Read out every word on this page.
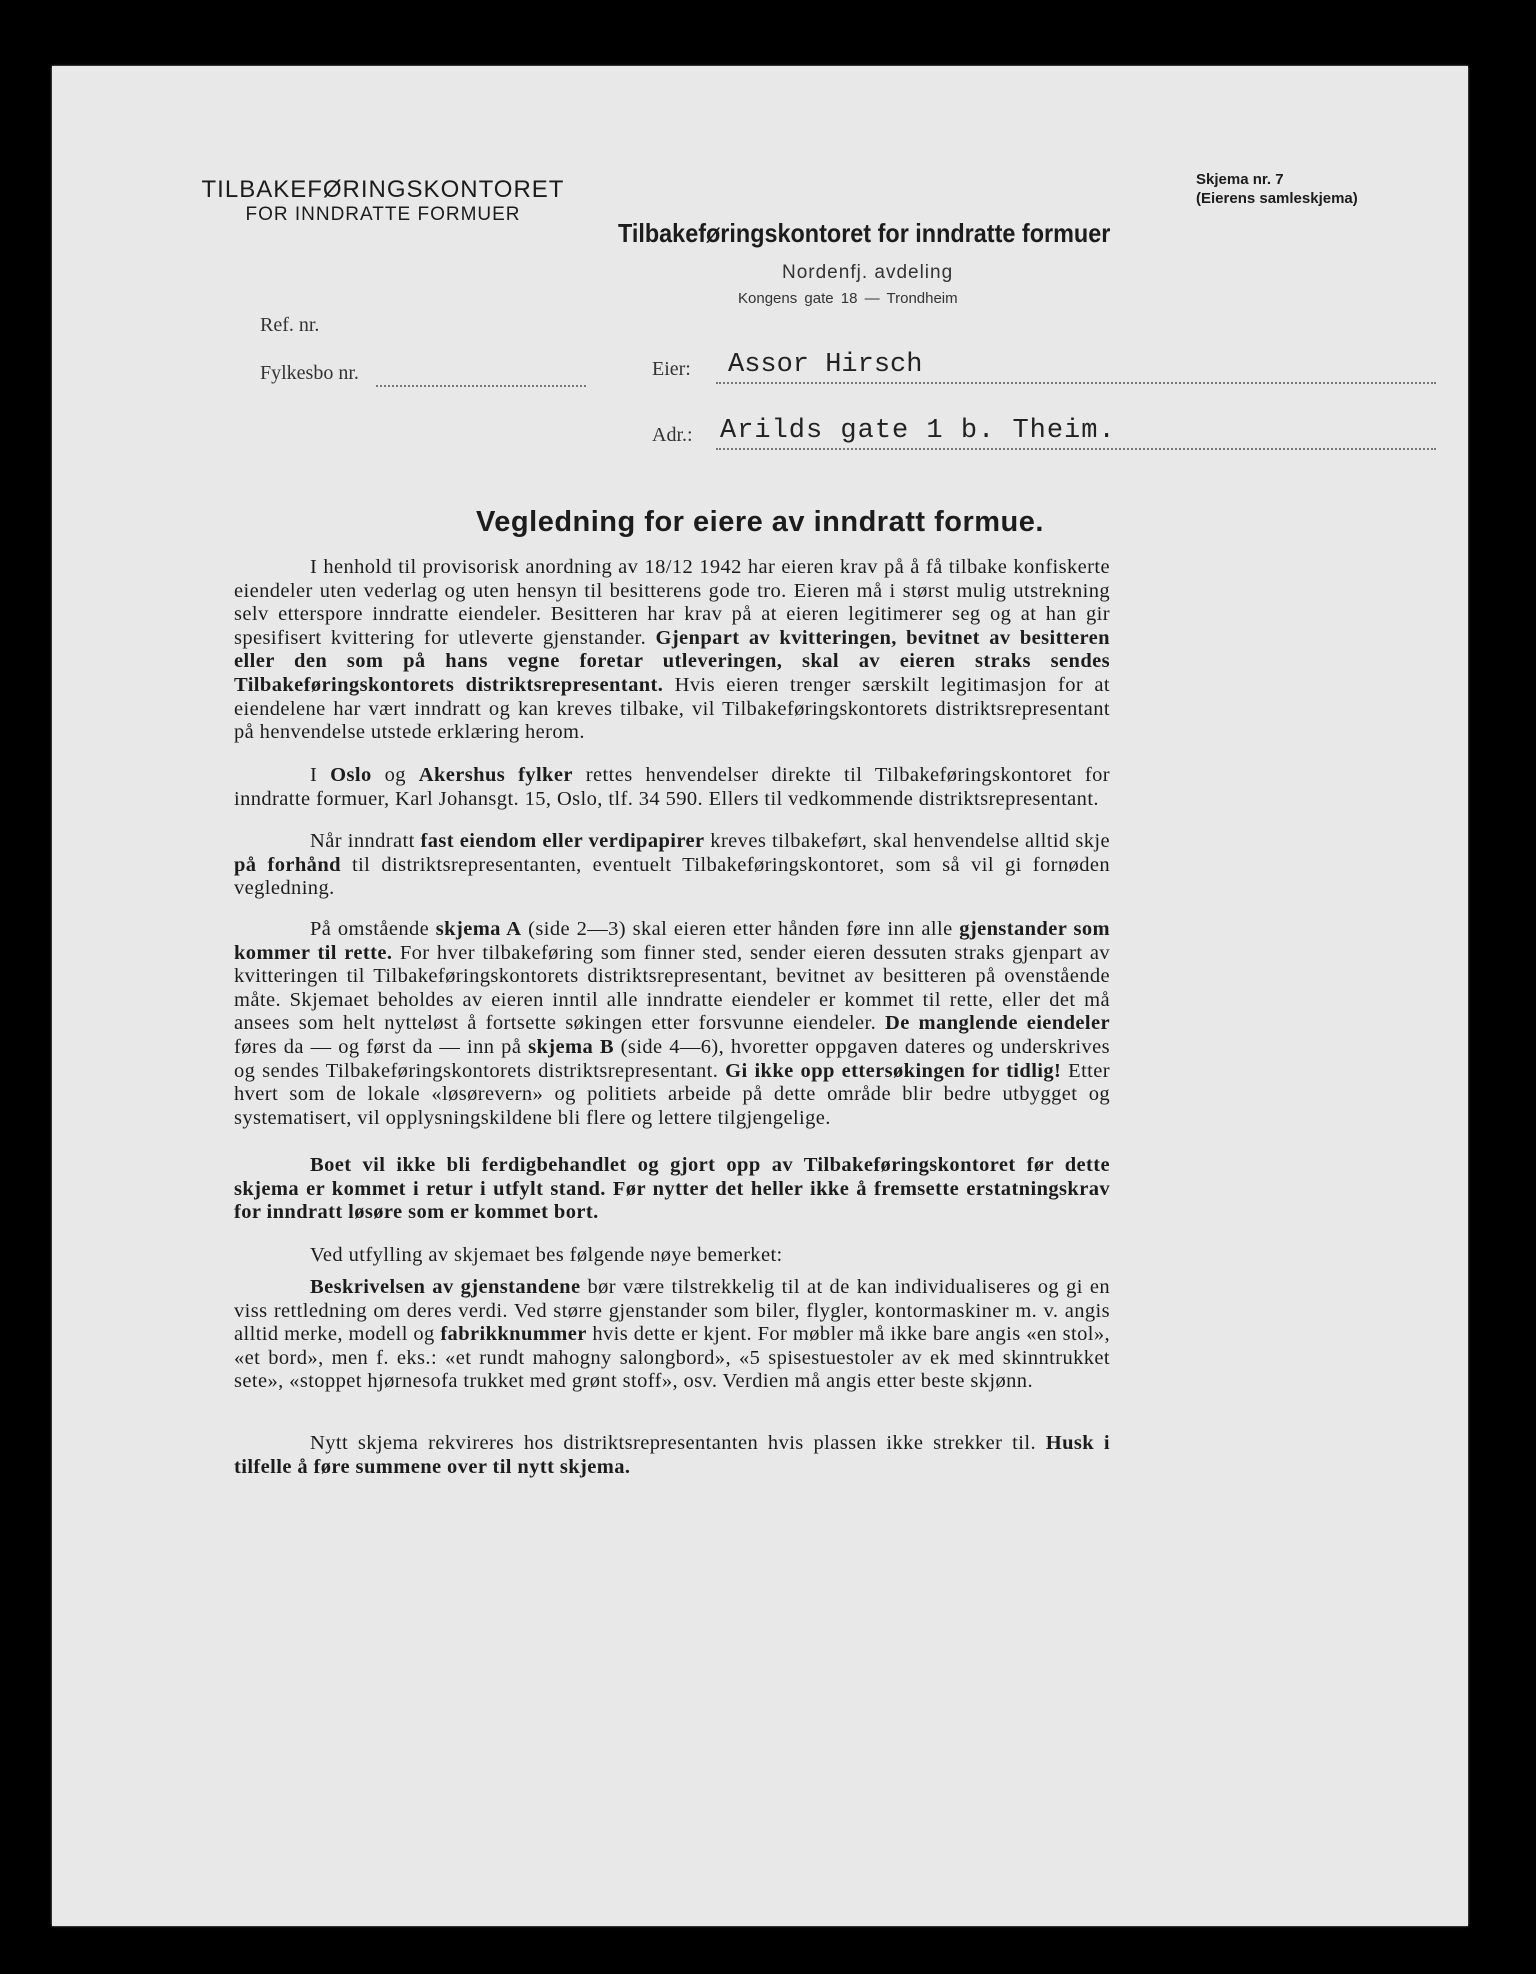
TILBAKEFØRINGSKONTORET
FOR INNDRATTE FORMUER
Skjema nr. 7
(Eierens samleskjema)
Tilbakeføringskontoret for inndratte formuer
Nordenfj. avdeling
Kongens gate 18 — Trondheim
Ref. nr.
Fylkesbo nr.	Eier: Assor Hirsch
Adr.: Arilds gate 1 b. Theim.
Vegledning for eiere av inndratt formue.

I henhold til provisorisk anordning av 18/12 1942 har eieren krav på å få tilbake konfiskerte eiendeler uten vederlag og uten hensyn til besitterens gode tro. Eieren må i størst mulig utstrekning selv etterspore inndratte eiendeler. Besitteren har krav på at eieren legitimerer seg og at han gir spesifisert kvittering for utleverte gjenstander. Gjenpart av kvitteringen, bevitnet av besitteren eller den som på hans vegne foretar utleveringen, skal av eieren straks sendes Tilbakeføringskontorets distriktsrepresentant. Hvis eieren trenger særskilt legitimasjon for at eiendelene har vært inndratt og kan kreves tilbake, vil Tilbakeføringskontorets distriktsrepresentant på henvendelse utstede erklæring herom.

I Oslo og Akershus fylker rettes henvendelser direkte til Tilbakeføringskontoret for inndratte formuer, Karl Johansgt. 15, Oslo, tlf. 34 590. Ellers til vedkommende distriktsrepresentant.

Når inndratt fast eiendom eller verdipapirer kreves tilbakeført, skal henvendelse alltid skje på forhånd til distriktsrepresentanten, eventuelt Tilbakeføringskontoret, som så vil gi fornøden vegledning.

På omstående skjema A (side 2—3) skal eieren etter hånden føre inn alle gjenstander som kommer til rette. For hver tilbakeføring som finner sted, sender eieren dessuten straks gjenpart av kvitteringen til Tilbakeføringskontorets distriktsrepresentant, bevitnet av besitteren på ovenstående måte. Skjemaet beholdes av eieren inntil alle inndratte eiendeler er kommet til rette, eller det må ansees som helt nytteløst å fortsette søkingen etter forsvunne eiendeler. De manglende eiendeler føres da — og først da — inn på skjema B (side 4—6), hvoretter oppgaven dateres og underskrives og sendes Tilbakeføringskontorets distriktsrepresentant. Gi ikke opp ettersøkingen for tidlig! Etter hvert som de lokale «løsørevern» og politiets arbeide på dette område blir bedre utbygget og systematisert, vil opplysningskildene bli flere og lettere tilgjengelige.

Boet vil ikke bli ferdigbehandlet og gjort opp av Tilbakeføringskontoret før dette skjema er kommet i retur i utfylt stand. Før nytter det heller ikke å fremsette erstatningskrav for inndratt løsøre som er kommet bort.

Ved utfylling av skjemaet bes følgende nøye bemerket:

Beskrivelsen av gjenstandene bør være tilstrekkelig til at de kan individualiseres og gi en viss rettledning om deres verdi. Ved større gjenstander som biler, flygler, kontormaskiner m. v. angis alltid merke, modell og fabrikknummer hvis dette er kjent. For møbler må ikke bare angis «en stol», «et bord», men f. eks.: «et rundt mahogny salongbord», «5 spisestuestoler av ek med skinntrukket sete», «stoppet hjørnesofa trukket med grønt stoff», osv. Verdien må angis etter beste skjønn.

Nytt skjema rekvireres hos distriktsrepresentanten hvis plassen ikke strekker til. Husk i tilfelle å føre summene over til nytt skjema.
